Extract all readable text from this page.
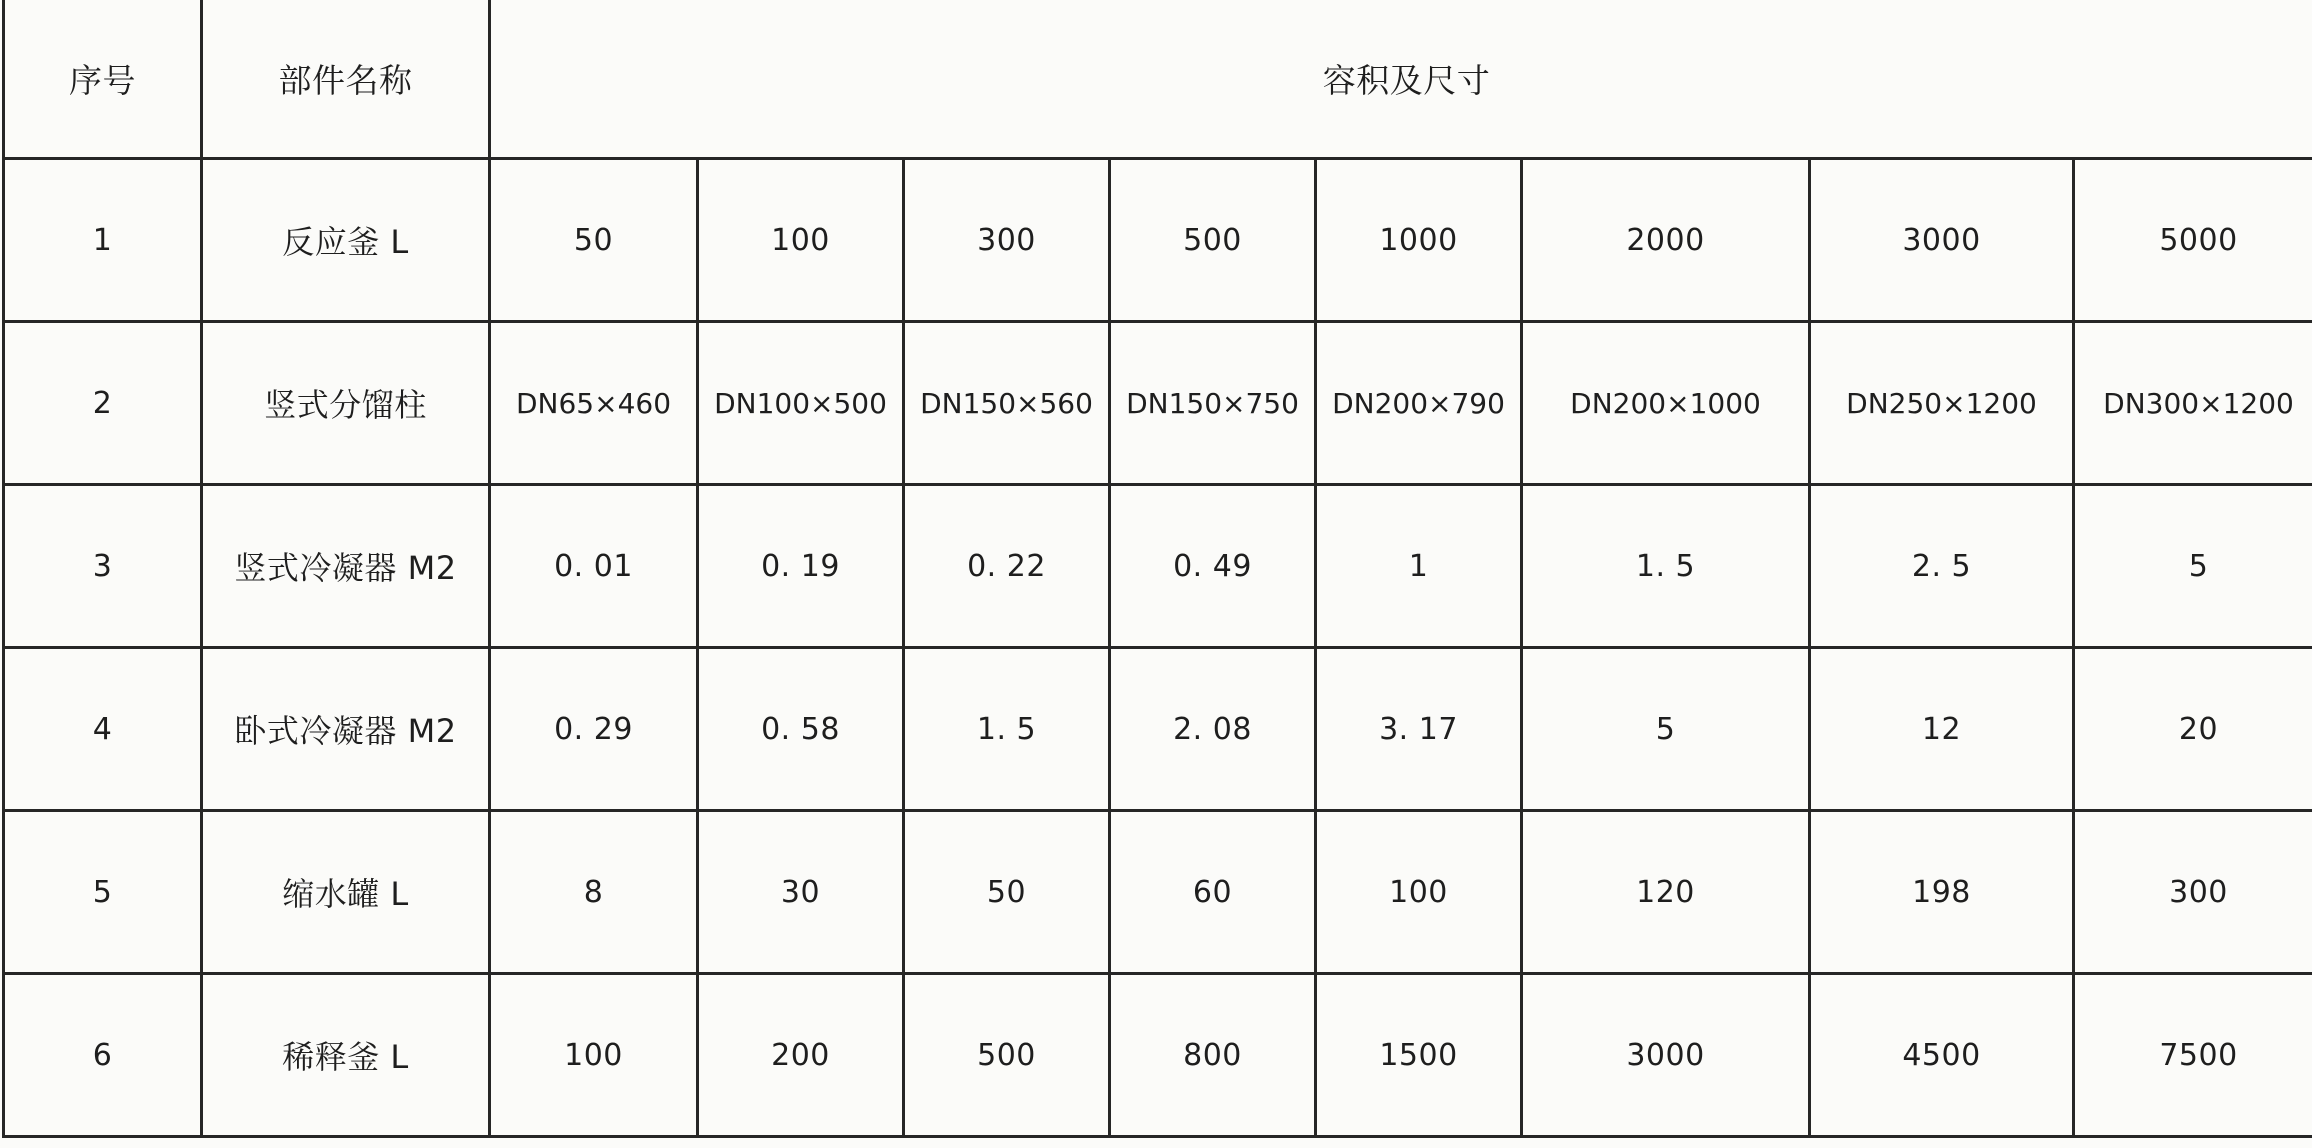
序号	部件名称	容积及尺寸							
1	反应釜 L	50	100	300	500	1000	2000	3000	5000
2	竖式分馏柱	DN65×460	DN100×500	DN150×560	DN150×750	DN200×790	DN200×1000	DN250×1200	DN300×1200
3	竖式冷凝器 M2	0. 01	0. 19	0. 22	0. 49	1	1. 5	2. 5	5
4	卧式冷凝器 M2	0. 29	0. 58	1. 5	2. 08	3. 17	5	12	20
5	缩水罐 L	8	30	50	60	100	120	198	300
6	稀释釜 L	100	200	500	800	1500	3000	4500	7500
